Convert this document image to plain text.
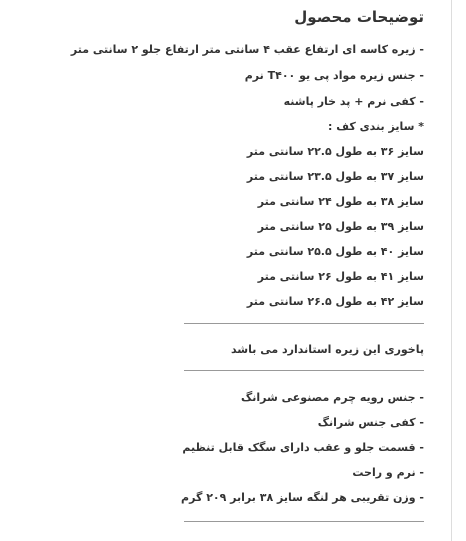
توضیحات محصول
- زیره کاسه ای ارتفاع عقب ۴ سانتی متر ارتفاع جلو ۲ سانتی متر
- جنس زیره مواد پی یو T۴۰۰ نرم
- کفی نرم + پد خار پاشنه
* سایز بندی کف :
سایز ۳۶ به طول ۲۲.۵ سانتی متر
سایز ۳۷ به طول ۲۳.۵ سانتی متر
سایز ۳۸ به طول ۲۴ سانتی متر
سایز ۳۹ به طول ۲۵ سانتی متر
سایز ۴۰ به طول ۲۵.۵ سانتی متر
سایز ۴۱ به طول ۲۶ سانتی متر
سایز ۴۲ به طول ۲۶.۵ سانتی متر
پاخوری این زیره استاندارد می باشد
- جنس رویه چرم مصنوعی شرانگ
- کفی جنس شرانگ
- قسمت جلو و عقب دارای سگک قابل تنظیم
- نرم و راحت
- وزن تقریبی هر لنگه سایز ۳۸ برابر ۲۰۹ گرم
